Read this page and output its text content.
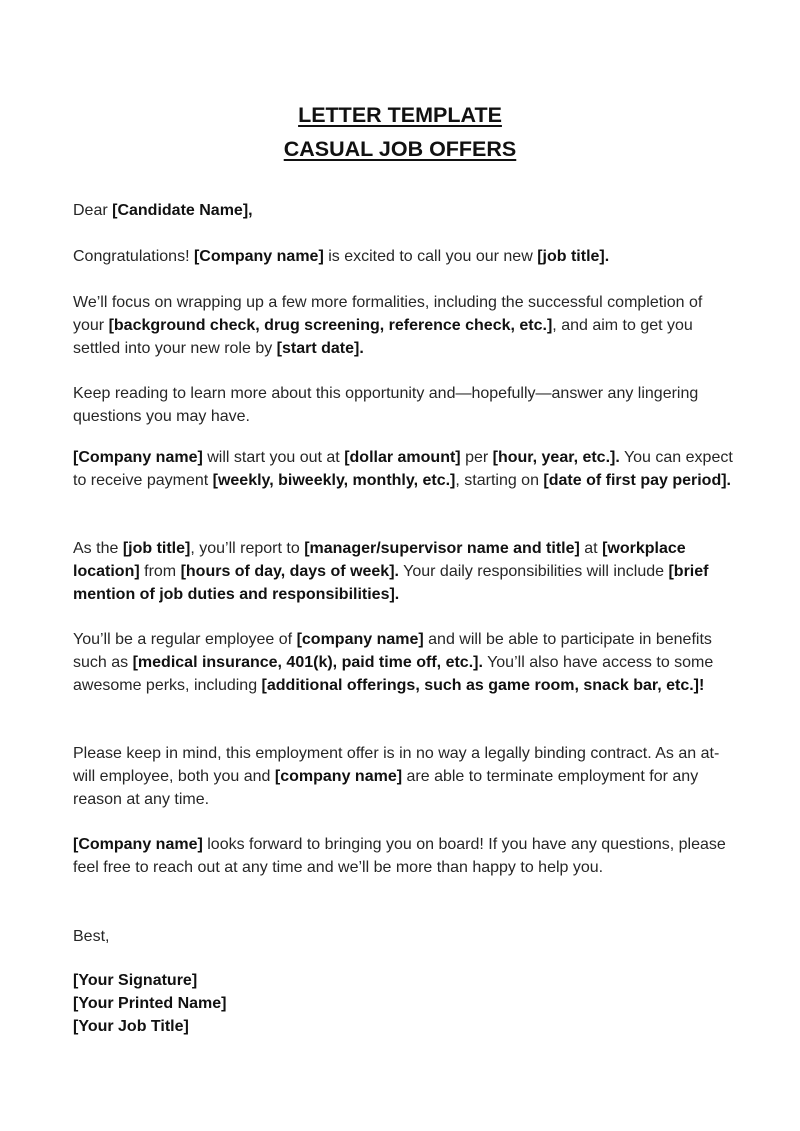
LETTER TEMPLATE
CASUAL JOB OFFERS

Dear [Candidate Name],

Congratulations! [Company name] is excited to call you our new [job title].

We’ll focus on wrapping up a few more formalities, including the successful completion of your [background check, drug screening, reference check, etc.], and aim to get you settled into your new role by [start date].

Keep reading to learn more about this opportunity and—hopefully—answer any lingering questions you may have.

[Company name] will start you out at [dollar amount] per [hour, year, etc.]. You can expect to receive payment [weekly, biweekly, monthly, etc.], starting on [date of first pay period].

As the [job title], you’ll report to [manager/supervisor name and title] at [workplace location] from [hours of day, days of week]. Your daily responsibilities will include [brief mention of job duties and responsibilities].

You’ll be a regular employee of [company name] and will be able to participate in benefits such as [medical insurance, 401(k), paid time off, etc.]. You’ll also have access to some awesome perks, including [additional offerings, such as game room, snack bar, etc.]!

Please keep in mind, this employment offer is in no way a legally binding contract. As an at-will employee, both you and [company name] are able to terminate employment for any reason at any time.

[Company name] looks forward to bringing you on board! If you have any questions, please feel free to reach out at any time and we’ll be more than happy to help you.

Best,

[Your Signature]
[Your Printed Name]
[Your Job Title]
